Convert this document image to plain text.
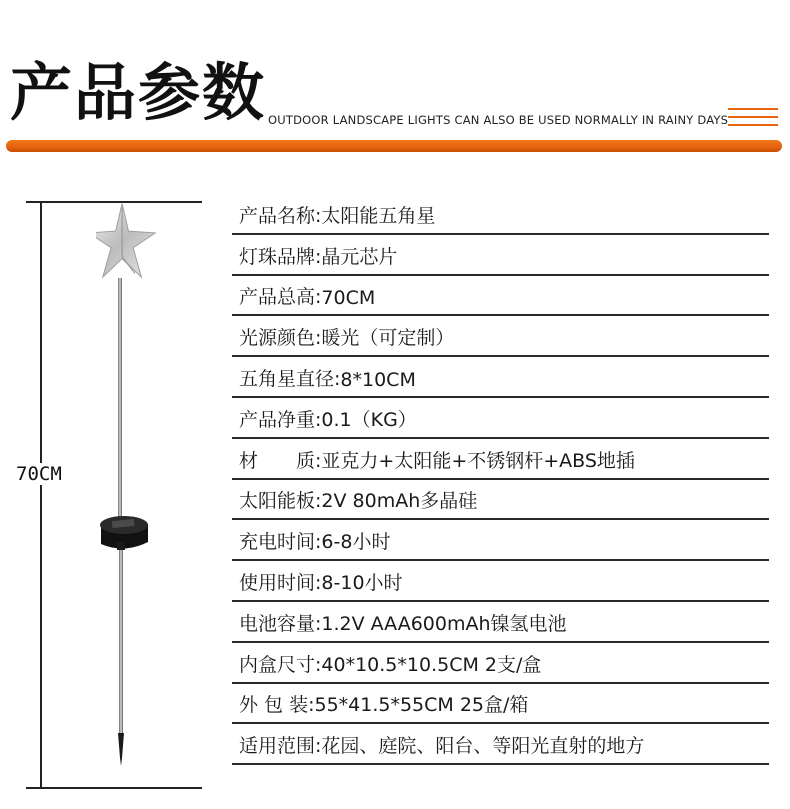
产品参数 OUTDOOR LANDSCAPE LIGHTS CAN ALSO BE USED NORMALLY IN RAINY DAYS
70CM
产品名称: 太阳能五角星
灯珠品牌: 晶元芯片
产品总高: 70CM
光源颜色: 暖光（可定制）
五角星直径: 8*10CM
产品净重: 0.1（KG）
材　　质: 亚克力+太阳能+不锈钢杆+ABS地插
太阳能板: 2V 80mAh多晶硅
充电时间: 6-8小时
使用时间: 8-10小时
电池容量: 1.2V AAA600mAh镍氢电池
内盒尺寸: 40*10.5*10.5CM 2支/盒
外 包 装: 55*41.5*55CM 25盒/箱
适用范围: 花园、庭院、阳台、等阳光直射的地方
